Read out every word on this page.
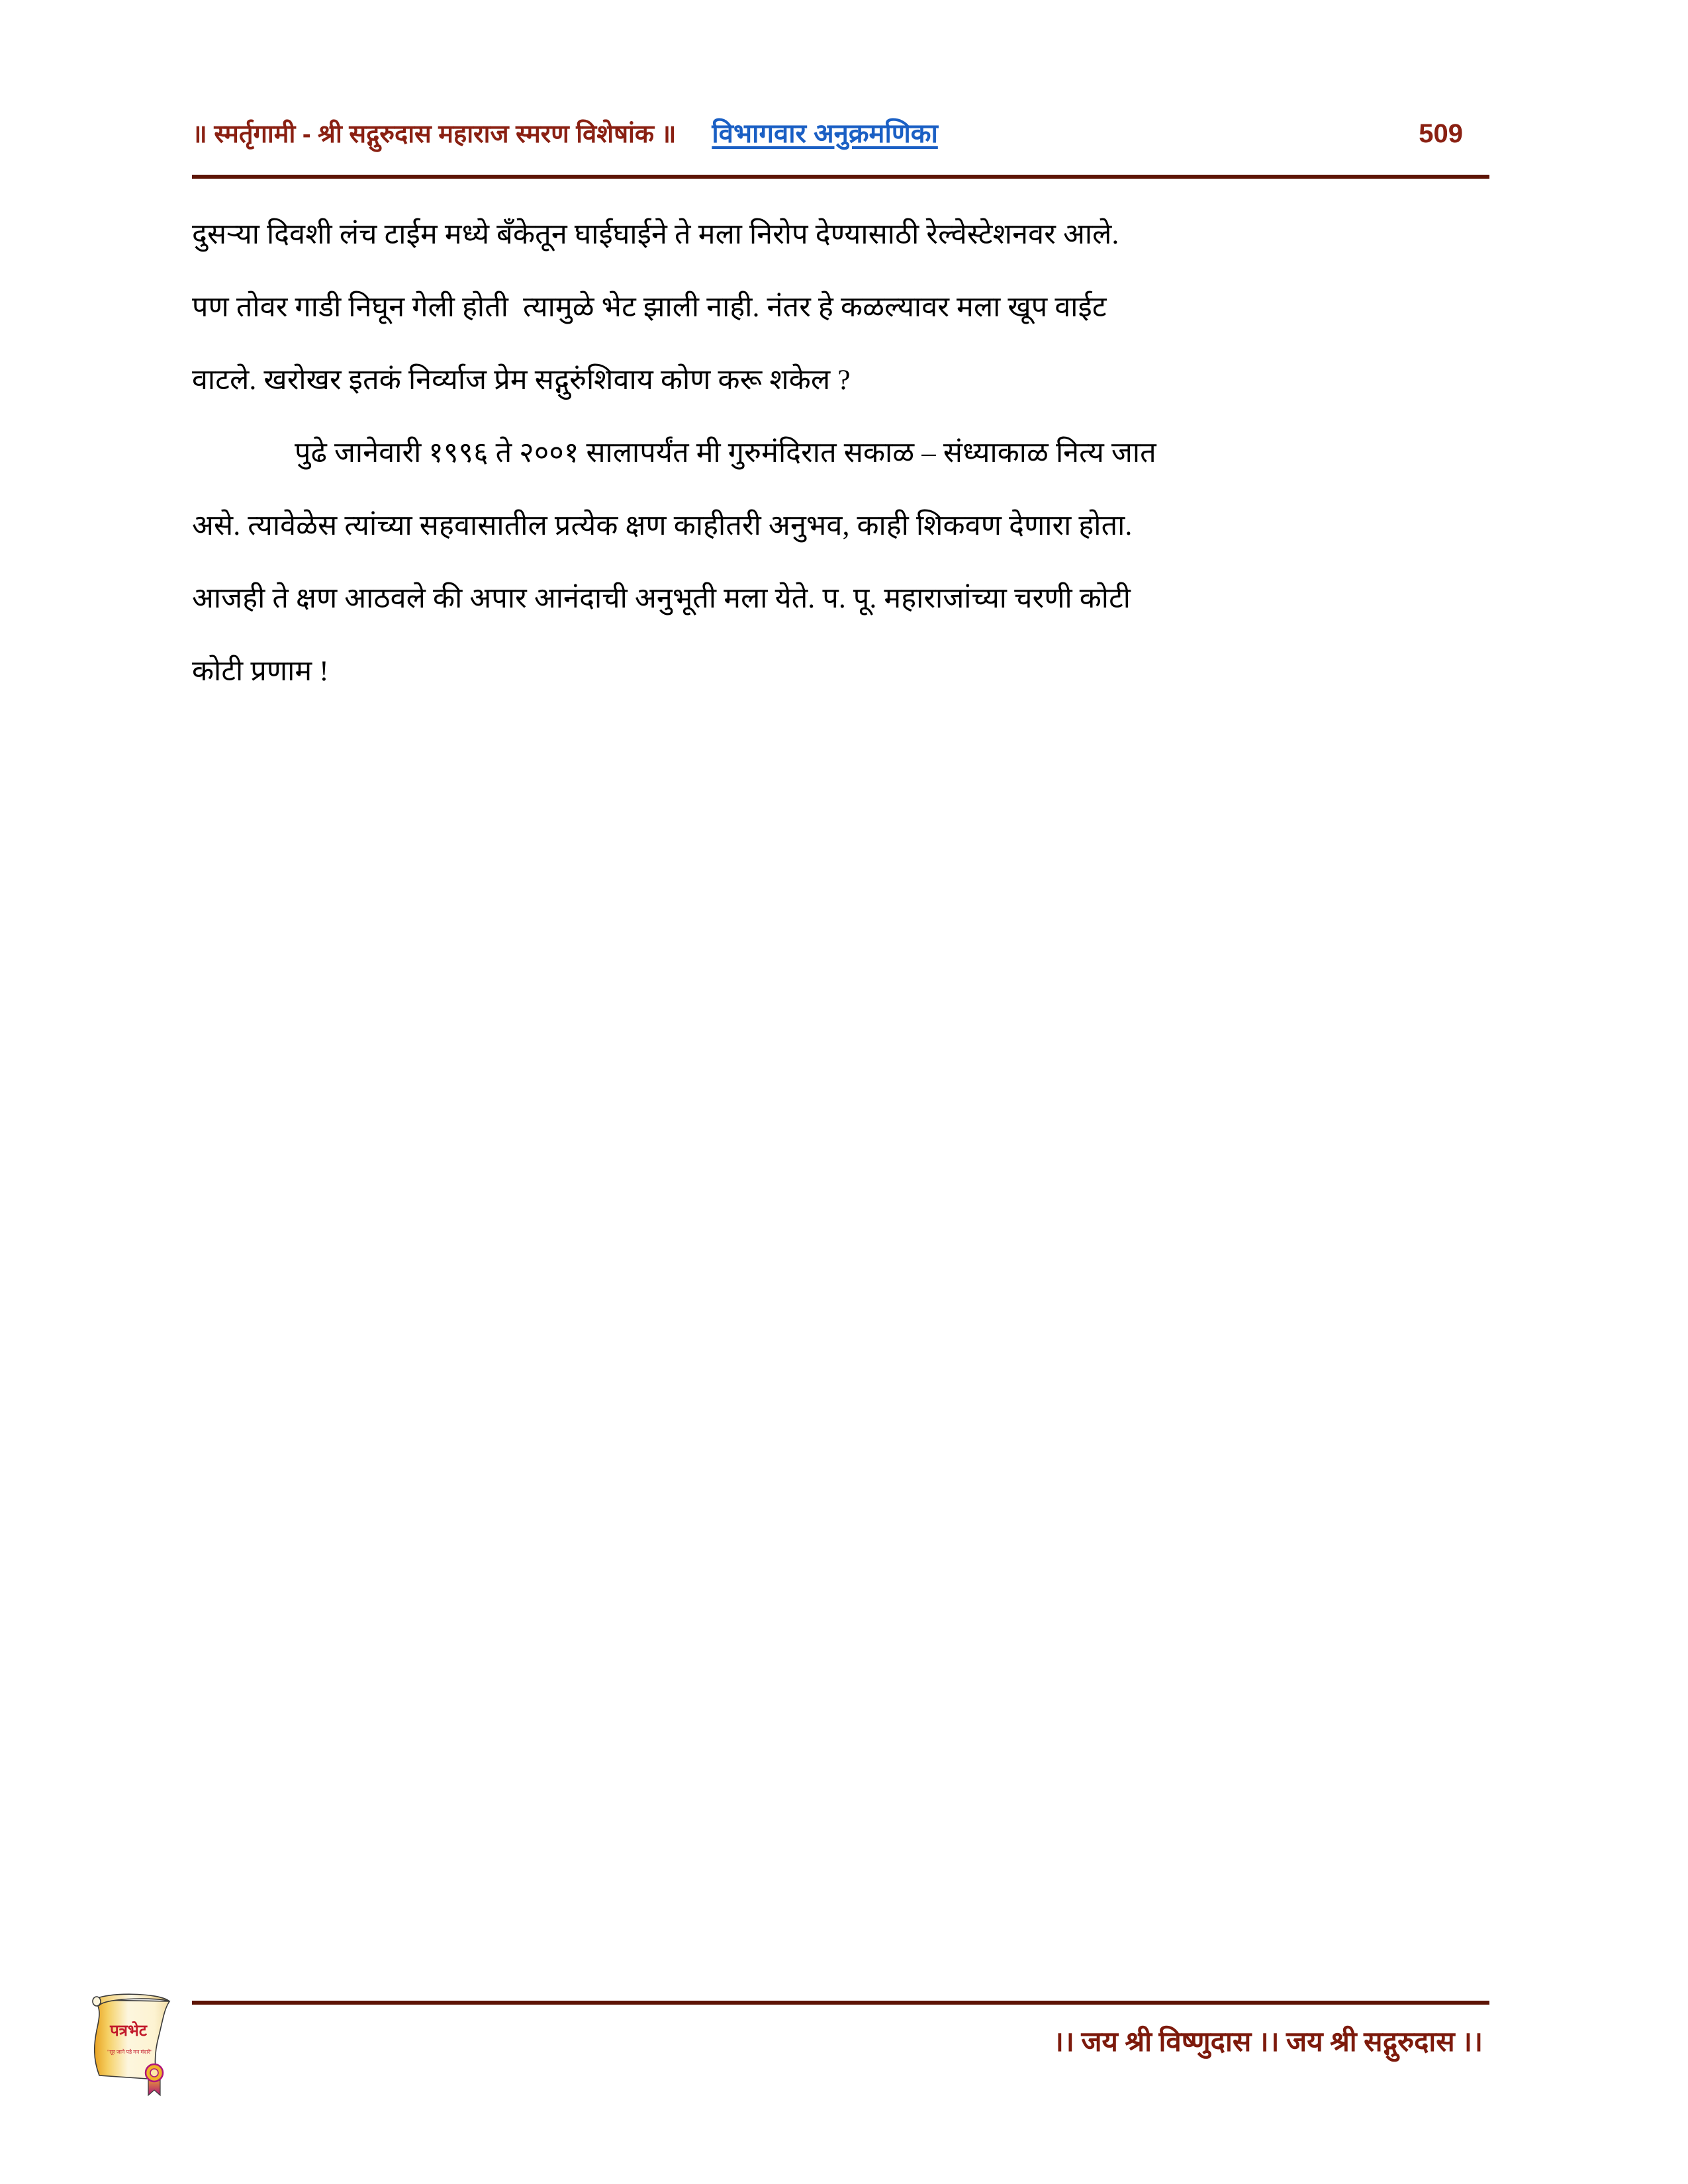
॥ स्मर्तृगामी - श्री सद्गुरुदास महाराज स्मरण विशेषांक ॥ विभागवार अनुक्रमणिका	509
दुसऱ्या दिवशी लंच टाईम मध्ये बँकेतून घाईघाईने ते मला निरोप देण्यासाठी रेल्वेस्टेशनवर आले.
पण तोवर गाडी निघून गेली होती  त्यामुळे भेट झाली नाही. नंतर हे कळल्यावर मला खूप वाईट
वाटले. खरोखर इतकं निर्व्याज प्रेम सद्गुरुंशिवाय कोण करू शकेल ?
पुढे जानेवारी १९९६ ते २००१ सालापर्यंत मी गुरुमंदिरात सकाळ – संध्याकाळ नित्य जात
असे. त्यावेळेस त्यांच्या सहवासातील प्रत्येक क्षण काहीतरी अनुभव, काही शिकवण देणारा होता.
आजही ते क्षण आठवले की अपार आनंदाची अनुभूती मला येते. प. पू. महाराजांच्या चरणी कोटी
कोटी प्रणाम !
।। जय श्री विष्णुदास ।। जय श्री सद्गुरुदास ।।
पत्रभेट
"सूर जाने पडे मन मंदारे"
